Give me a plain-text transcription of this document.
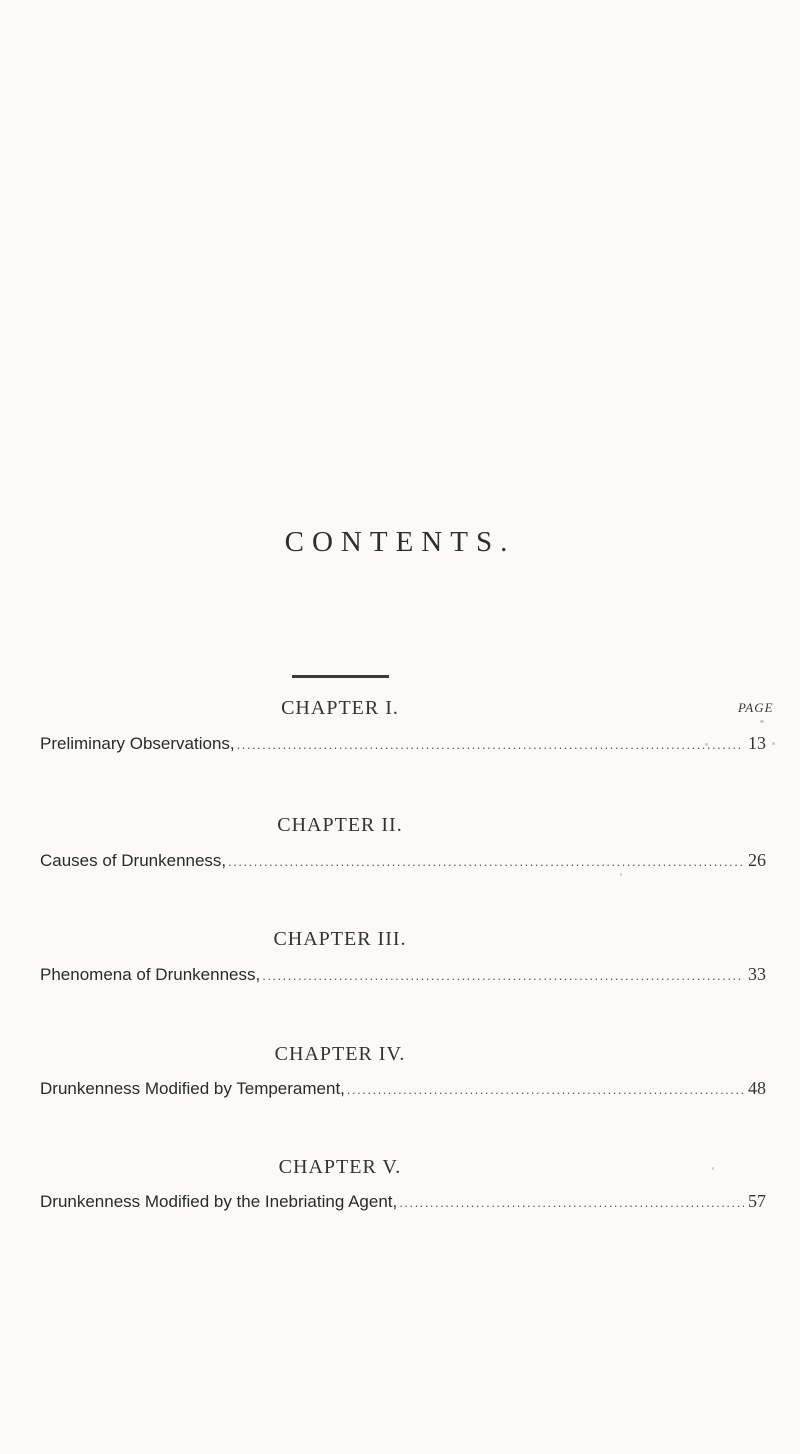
CONTENTS.
PAGE
CHAPTER I.
Preliminary Observations, .....	13
CHAPTER II.
Causes of Drunkenness, .....	26
CHAPTER III.
Phenomena of Drunkenness, .....	33
CHAPTER IV.
Drunkenness Modified by Temperament, .....	48
CHAPTER V.
Drunkenness Modified by the Inebriating Agent, .....	57
